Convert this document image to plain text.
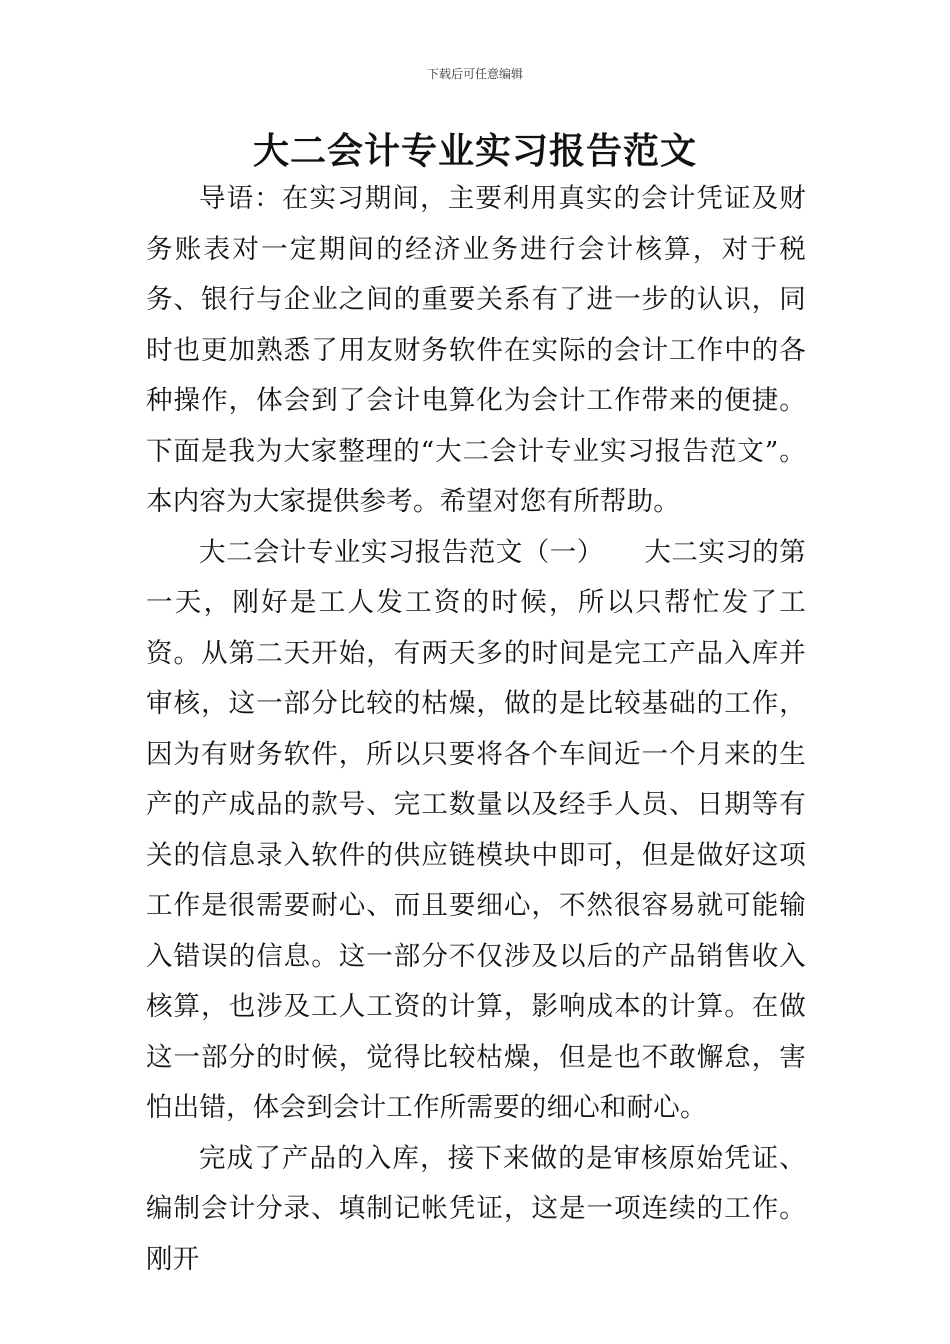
下载后可任意编辑
大二会计专业实习报告范文

导语：在实习期间，主要利用真实的会计凭证及财务账表对一定期间的经济业务进行会计核算，对于税务、银行与企业之间的重要关系有了进一步的认识，同时也更加熟悉了用友财务软件在实际的会计工作中的各种操作，体会到了会计电算化为会计工作带来的便捷。下面是我为大家整理的“大二会计专业实习报告范文”。本内容为大家提供参考。希望对您有所帮助。

大二会计专业实习报告范文（一）　　大二实习的第一天，刚好是工人发工资的时候，所以只帮忙发了工资。从第二天开始，有两天多的时间是完工产品入库并审核，这一部分比较的枯燥，做的是比较基础的工作，因为有财务软件，所以只要将各个车间近一个月来的生产的产成品的款号、完工数量以及经手人员、日期等有关的信息录入软件的供应链模块中即可，但是做好这项工作是很需要耐心、而且要细心，不然很容易就可能输入错误的信息。这一部分不仅涉及以后的产品销售收入核算，也涉及工人工资的计算，影响成本的计算。在做这一部分的时候，觉得比较枯燥，但是也不敢懈怠，害怕出错，体会到会计工作所需要的细心和耐心。

完成了产品的入库，接下来做的是审核原始凭证、编制会计分录、填制记帐凭证，这是一项连续的工作。刚开
